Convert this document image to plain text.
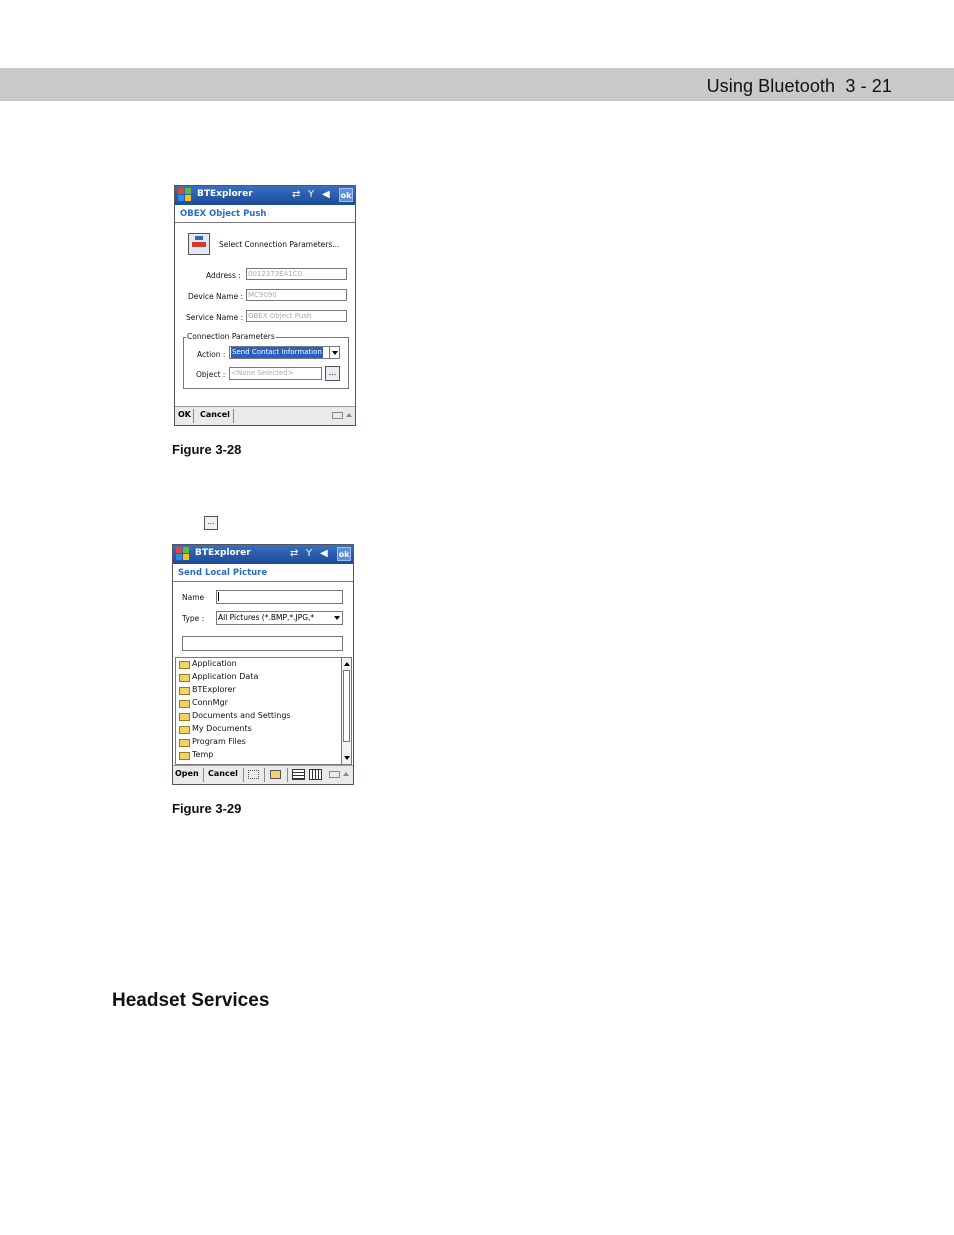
Using Bluetooth 3 - 21
BTExplorer	⇄ Y ◀ ok
OBEX Object Push
Select Connection Parameters...
Address : 0012373EA1C0
Device Name : MC9090
Service Name : OBEX Object Push
Connection Parameters
Action : Send Contact Information
Object : <None Selected>	...
OK Cancel
Figure 3-28
...
BTExplorer	⇄ Y ◀ ok
Send Local Picture
Name
Type : All Pictures (*.BMP,*.JPG,*
Application
Application Data
BTExplorer
ConnMgr
Documents and Settings
My Documents
Program Files
Temp
Open Cancel
Figure 3-29
Headset Services
